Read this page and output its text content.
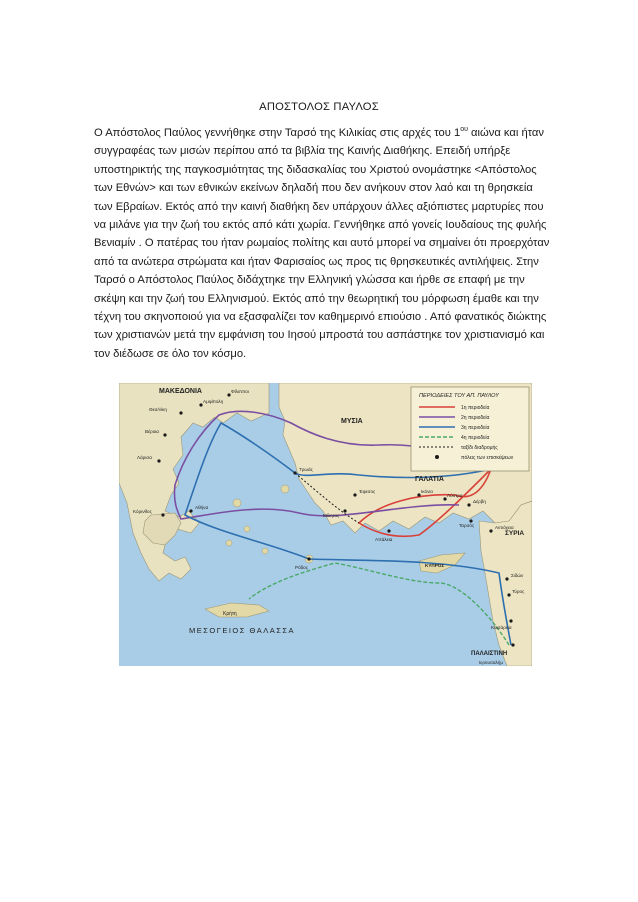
ΑΠΟΣΤΟΛΟΣ ΠΑΥΛΟΣ
Ο Απόστολος Παύλος γεννήθηκε στην Ταρσό της Κιλικίας στις αρχές του $1^{o\upsilon}$ αιώνα και ήταν συγγραφέας των μισών περίπου από τα βιβλία της Καινής Διαθήκης. Επειδή υπήρξε υποστηρικτής της παγκοσμιότητας της διδασκαλίας του Χριστού ονομάστηκε <Απόστολος των Εθνών> και των εθνικών εκείνων δηλαδή που δεν ανήκουν στον λαό και τη θρησκεία των Εβραίων. Εκτός από την καινή διαθήκη δεν υπάρχουν άλλες αξιόπιστες μαρτυρίες που να μιλάνε για την ζωή του εκτός από κάτι χωρία. Γεννήθηκε από γονείς Ιουδαίους της φυλής Βενιαμίν . Ο πατέρας του ήταν ρωμαίος πολίτης και αυτό μπορεί να σημαίνει ότι προερχόταν από τα ανώτερα στρώματα και ήταν Φαρισαίος ως προς τις θρησκευτικές αντιλήψεις. Στην Ταρσό ο Απόστολος Παύλος διδάχτηκε την Ελληνική γλώσσα και ήρθε σε επαφή με την σκέψη και την ζωή του Ελληνισμού. Εκτός από την θεωρητική του μόρφωση έμαθε και την τέχνη του σκηνοποιού για να εξασφαλίζει τον καθημερινό επιούσιο . Από φανατικός διώκτης των χριστιανών μετά την εμφάνιση του Ιησού μπροστά του ασπάστηκε τον χριστιανισμό και τον διέδωσε σε όλο τον κόσμο.
ΠΕΡΙΟΔΕΙΕΣ ΤΟΥ ΑΠ. ΠΑΥΛΟΥ
1η περιοδεία
2η περιοδεία
3η περιοδεία
4η περιοδεία
ταξίδι διαδρομής
πόλεις των επισκέψεων
ΜΑΚΕΔΟΝΙΑ
ΜΥΣΙΑ
ΓΑΛΑΤΙΑ
ΣΥΡΙΑ
ΠΑΛΑΙΣΤΙΝΗ
ΜΕΣΟΓΕΙΟΣ ΘΑΛΑΣΣΑ
Φίλιπποι
Αμφίπολη
Θεσ/νίκη
Βέροια
Λάρισα
Αθήνα
Κόρινθος
Τρωάς
Έφεσος
Μίλητος
Ικόνιο
Λύστρα
Δέρβη
Ταρσός	Αντιόχεια
Αττάλεια
Ρόδος
Κρήτη
ΚΥΠΡΟΣ
Σιδών
Τύρος
Καισάρεια
Ιερουσαλήμ
